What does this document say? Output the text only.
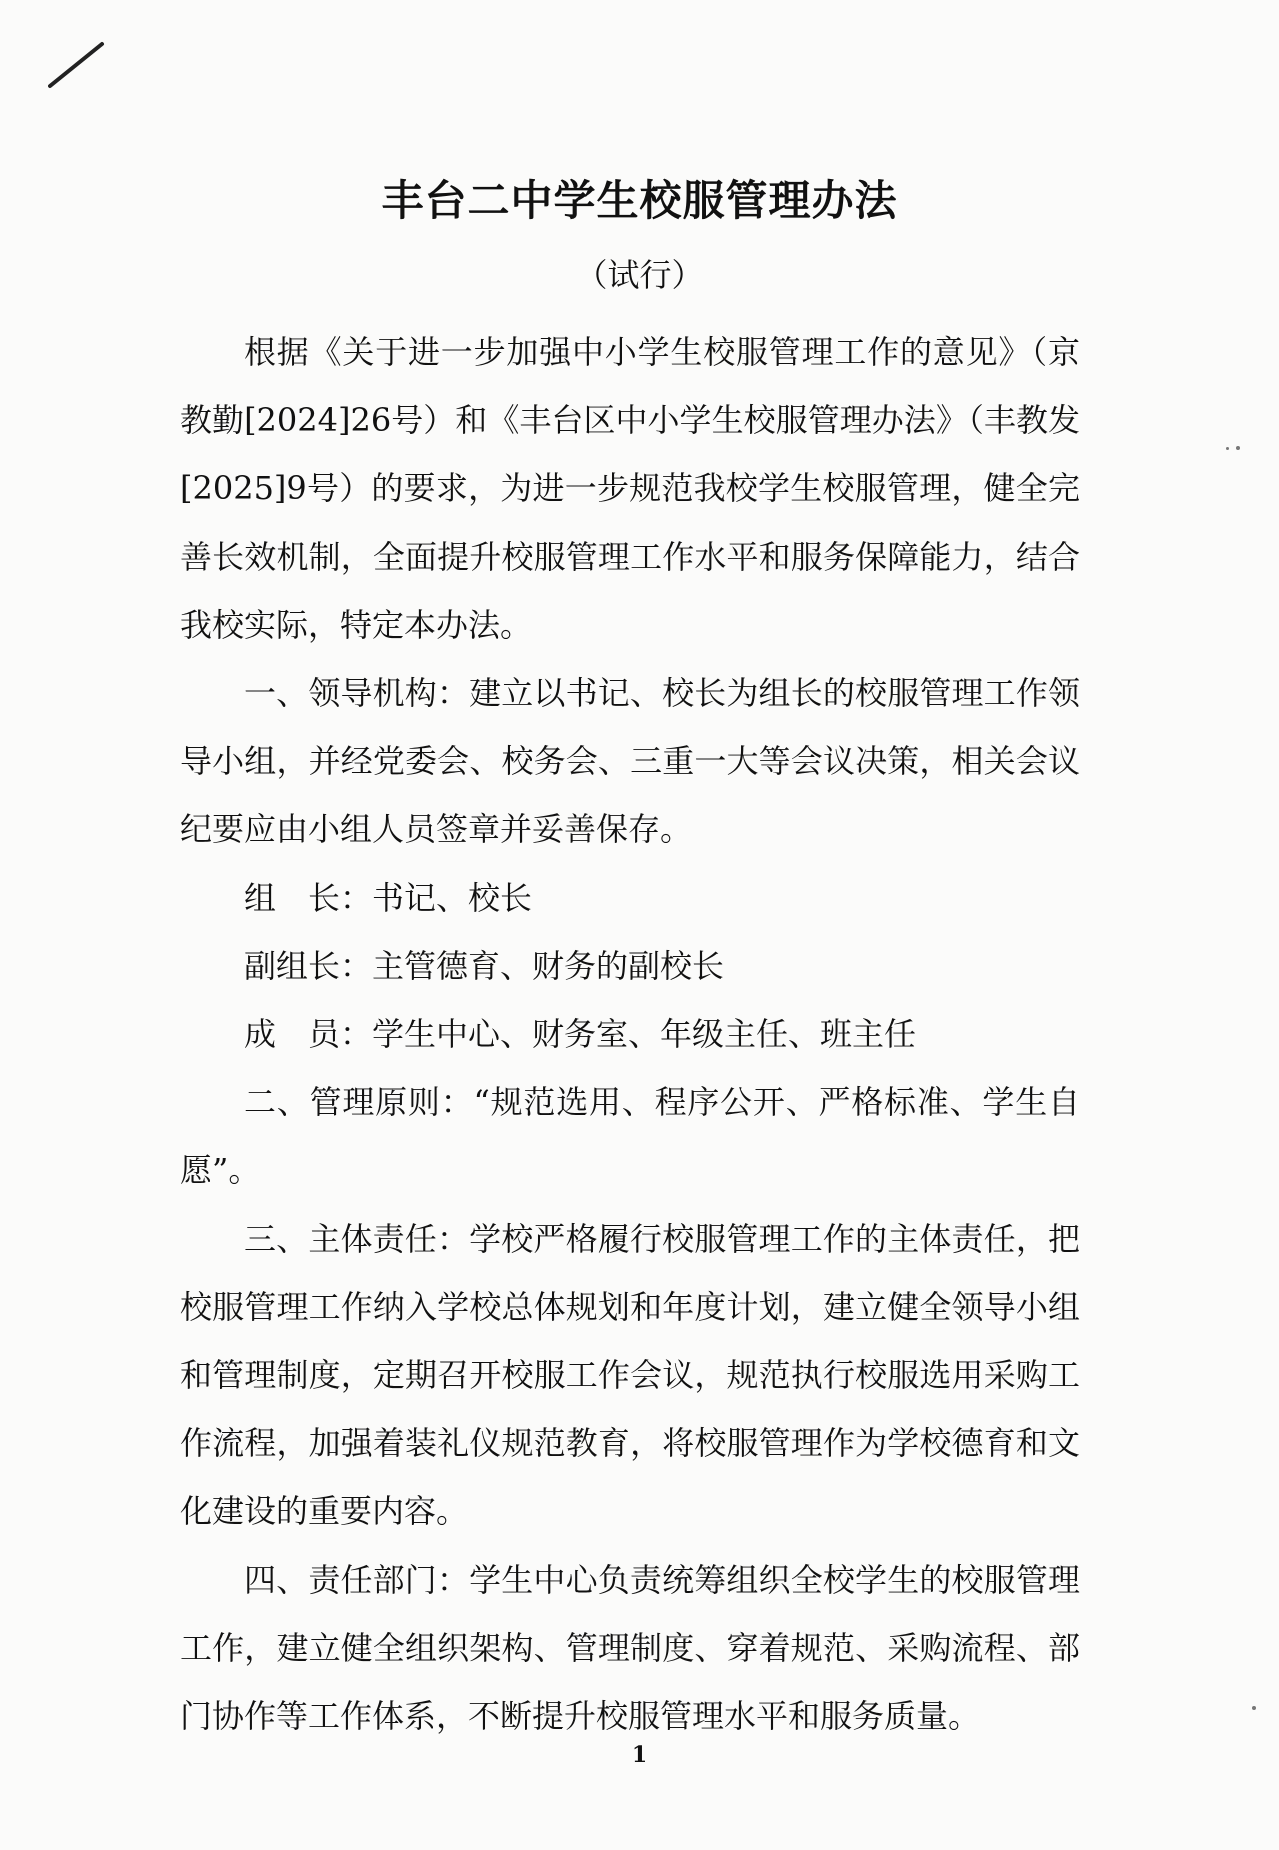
丰台二中学生校服管理办法
（试行）

根据《关于进一步加强中小学生校服管理工作的意见》（京教勤[2024]26号）和《丰台区中小学生校服管理办法》（丰教发[2025]9号）的要求，为进一步规范我校学生校服管理，健全完善长效机制，全面提升校服管理工作水平和服务保障能力，结合我校实际，特定本办法。

一、领导机构：建立以书记、校长为组长的校服管理工作领导小组，并经党委会、校务会、三重一大等会议决策，相关会议纪要应由小组人员签章并妥善保存。

组　长：书记、校长

副组长：主管德育、财务的副校长

成　员：学生中心、财务室、年级主任、班主任

二、管理原则：“规范选用、程序公开、严格标准、学生自愿”。

三、主体责任：学校严格履行校服管理工作的主体责任，把校服管理工作纳入学校总体规划和年度计划，建立健全领导小组和管理制度，定期召开校服工作会议，规范执行校服选用采购工作流程，加强着装礼仪规范教育，将校服管理作为学校德育和文化建设的重要内容。

四、责任部门：学生中心负责统筹组织全校学生的校服管理工作，建立健全组织架构、管理制度、穿着规范、采购流程、部门协作等工作体系，不断提升校服管理水平和服务质量。

1
